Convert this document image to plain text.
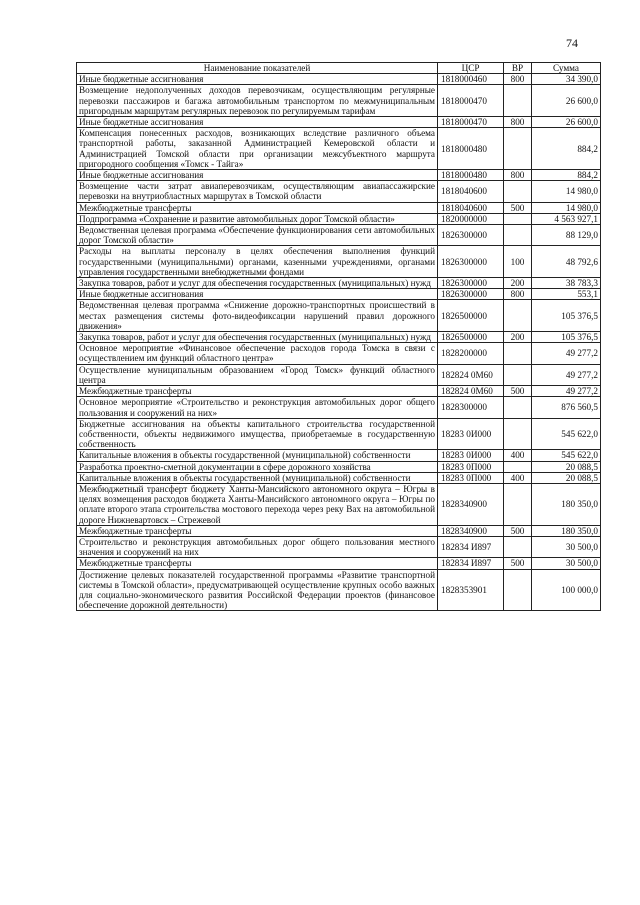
74
Наименование показателей	ЦСР	ВР	Сумма
Иные бюджетные ассигнования	1818000460	800	34 390,0
Возмещение недополученных доходов перевозчикам, осуществляющим регулярные перевозки пассажиров и багажа автомобильным транспортом по межмуниципальным пригородным маршрутам регулярных перевозок по регулируемым тарифам	1818000470		26 600,0
Иные бюджетные ассигнования	1818000470	800	26 600,0
Компенсация понесенных расходов, возникающих вследствие различного объема транспортной работы, заказанной Администрацией Кемеровской области и Администрацией Томской области при организации межсубъектного маршрута пригородного сообщения «Томск - Тайга»	1818000480		884,2
Иные бюджетные ассигнования	1818000480	800	884,2
Возмещение части затрат авиаперевозчикам, осуществляющим авиапассажирские перевозки на внутриобластных маршрутах в Томской области	1818040600		14 980,0
Межбюджетные трансферты	1818040600	500	14 980,0
Подпрограмма «Сохранение и развитие автомобильных дорог Томской области»	1820000000		4 563 927,1
Ведомственная целевая программа «Обеспечение функционирования сети автомобильных дорог Томской области»	1826300000		88 129,0
Расходы на выплаты персоналу в целях обеспечения выполнения функций государственными (муниципальными) органами, казенными учреждениями, органами управления государственными внебюджетными фондами	1826300000	100	48 792,6
Закупка товаров, работ и услуг для обеспечения государственных (муниципальных) нужд	1826300000	200	38 783,3
Иные бюджетные ассигнования	1826300000	800	553,1
Ведомственная целевая программа «Снижение дорожно-транспортных происшествий в местах размещения системы фото-видеофиксации нарушений правил дорожного движения»	1826500000		105 376,5
Закупка товаров, работ и услуг для обеспечения государственных (муниципальных) нужд	1826500000	200	105 376,5
Основное мероприятие «Финансовое обеспечение расходов города Томска в связи с осуществлением им функций областного центра»	1828200000		49 277,2
Осуществление муниципальным образованием «Город Томск» функций областного центра	182824 0М60		49 277,2
Межбюджетные трансферты	182824 0М60	500	49 277,2
Основное мероприятие «Строительство и реконструкция автомобильных дорог общего пользования и сооружений на них»	1828300000		876 560,5
Бюджетные ассигнования на объекты капитального строительства государственной собственности, объекты недвижимого имущества, приобретаемые в государственную собственность	18283 0И000		545 622,0
Капитальные вложения в объекты государственной (муниципальной) собственности	18283 0И000	400	545 622,0
Разработка проектно-сметной документации в сфере дорожного хозяйства	18283 0П000		20 088,5
Капитальные вложения в объекты государственной (муниципальной) собственности	18283 0П000	400	20 088,5
Межбюджетный трансферт бюджету Ханты-Мансийского автономного округа – Югры в целях возмещения расходов бюджета Ханты-Мансийского автономного округа – Югры по оплате второго этапа строительства мостового перехода через реку Вах на автомобильной дороге Нижневартовск – Стрежевой	1828340900		180 350,0
Межбюджетные трансферты	1828340900	500	180 350,0
Строительство и реконструкция автомобильных дорог общего пользования местного значения и сооружений на них	182834 И897		30 500,0
Межбюджетные трансферты	182834 И897	500	30 500,0
Достижение целевых показателей государственной программы «Развитие транспортной системы в Томской области», предусматривающей осуществление крупных особо важных для социально-экономического развития Российской Федерации проектов (финансовое обеспечение дорожной деятельности)	1828353901		100 000,0
